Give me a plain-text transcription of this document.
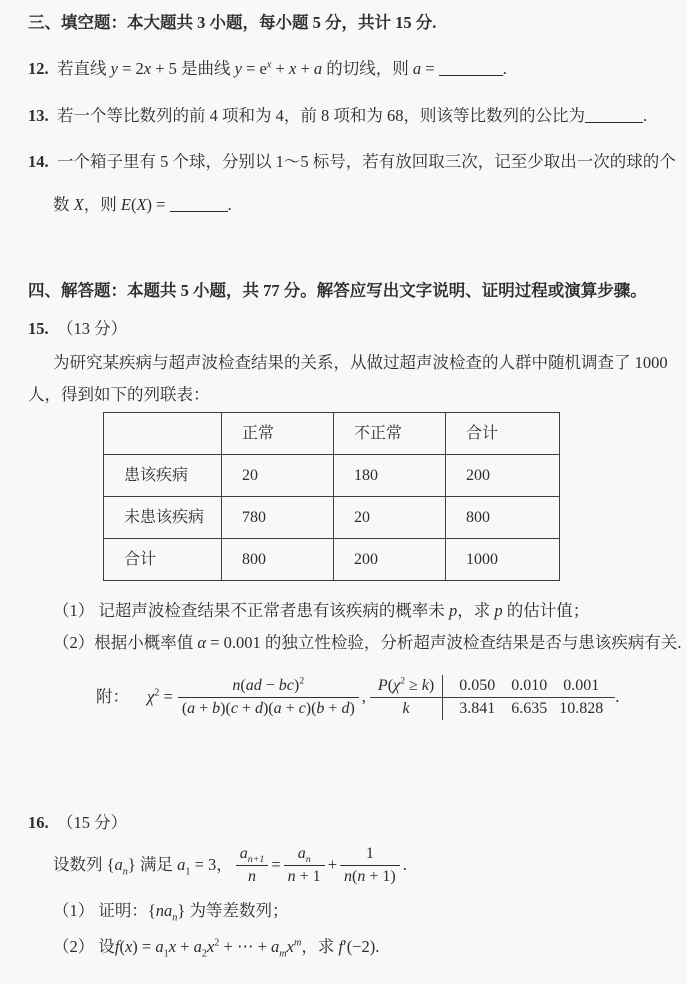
三、填空题：本大题共 3 小题，每小题 5 分，共计 15 分.
12. 若直线 y = 2x + 5 是曲线 $y = e^x + x + a$ 的切线，则 a =	.
13. 若一个等比数列的前 4 项和为 4，前 8 项和为 68，则该等比数列的公比为	.
14. 一个箱子里有 5 个球，分别以 1～5 标号，若有放回取三次，记至少取出一次的球的个
数 X，则 E(X) =	.
四、解答题：本题共 5 小题，共 77 分。解答应写出文字说明、证明过程或演算步骤。
15. （13 分）
为研究某疾病与超声波检查结果的关系，从做过超声波检查的人群中随机调查了 1000
人，得到如下的列联表：
	正常	不正常	合计
患该疾病	20	180	200
未患该疾病	780	20	800
合计	800	200	1000
（1） 记超声波检查结果不正常者患有该疾病的概率未 p，求 p 的估计值；
（2）根据小概率值 α = 0.001 的独立性检验，分析超声波检查结果是否与患该疾病有关.
附： $\chi^2 = \frac{n(ad - bc)^2}{(a + b)(c + d)(a + c)(b + d)}$ ,
$P(\chi^2 \ge k)$	0.050 0.010 0.001
k	3.841 6.635 10.828
.
16. （15 分）
设数列 $\{a_n\}$ 满足 $a_1 = 3$， $\frac{a_{n+1}}{n} = \frac{a_n}{n + 1} + \frac{1}{n(n + 1)}$ .
（1） 证明：$\{na_n\}$ 为等差数列；
（2） 设$f(x) = a_1x + a_2x^2$ + ⋯ + $a_mx^m$，求 f′(−2).
